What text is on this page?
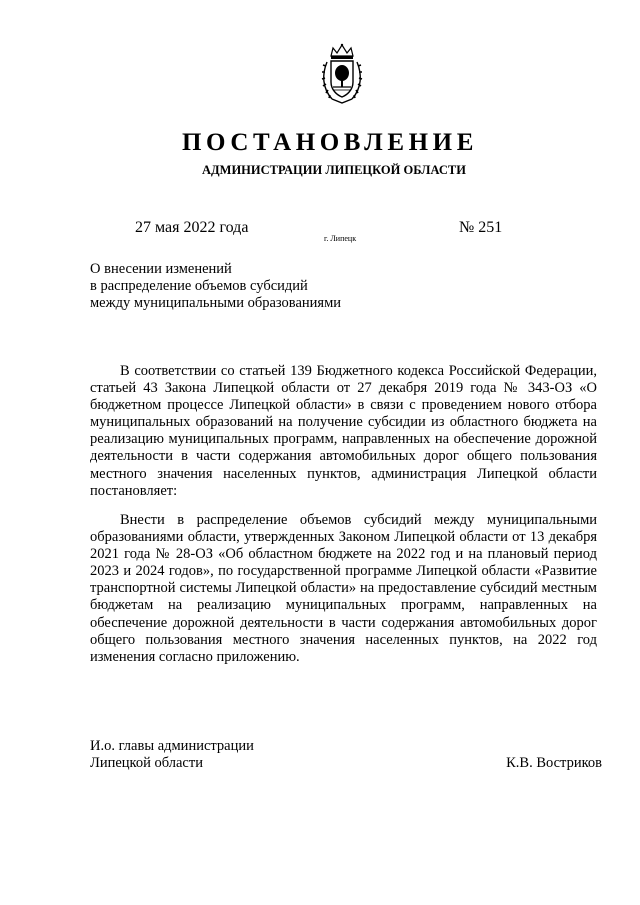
ПОСТАНОВЛЕНИЕ
АДМИНИСТРАЦИИ ЛИПЕЦКОЙ ОБЛАСТИ
27 мая 2022 года
г. Липецк
№ 251
О внесении изменений
в распределение объемов субсидий
между муниципальными образованиями

В соответствии со статьей 139 Бюджетного кодекса Российской Федерации, статьей 43 Закона Липецкой области от 27 декабря 2019 года № 343-ОЗ «О бюджетном процессе Липецкой области» в связи с проведением нового отбора муниципальных образований на получение субсидии из областного бюджета на реализацию муниципальных программ, направленных на обеспечение дорожной деятельности в части содержания автомобильных дорог общего пользования местного значения населенных пунктов, администрация Липецкой области постановляет:

Внести в распределение объемов субсидий между муниципальными образованиями области, утвержденных Законом Липецкой области от 13 декабря 2021 года № 28-ОЗ «Об областном бюджете на 2022 год и на плановый период 2023 и 2024 годов», по государственной программе Липецкой области «Развитие транспортной системы Липецкой области» на предоставление субсидий местным бюджетам на реализацию муниципальных программ, направленных на обеспечение дорожной деятельности в части содержания автомобильных дорог общего пользования местного значения населенных пунктов, на 2022 год изменения согласно приложению.

И.о. главы администрации
Липецкой области	К.В. Востриков
